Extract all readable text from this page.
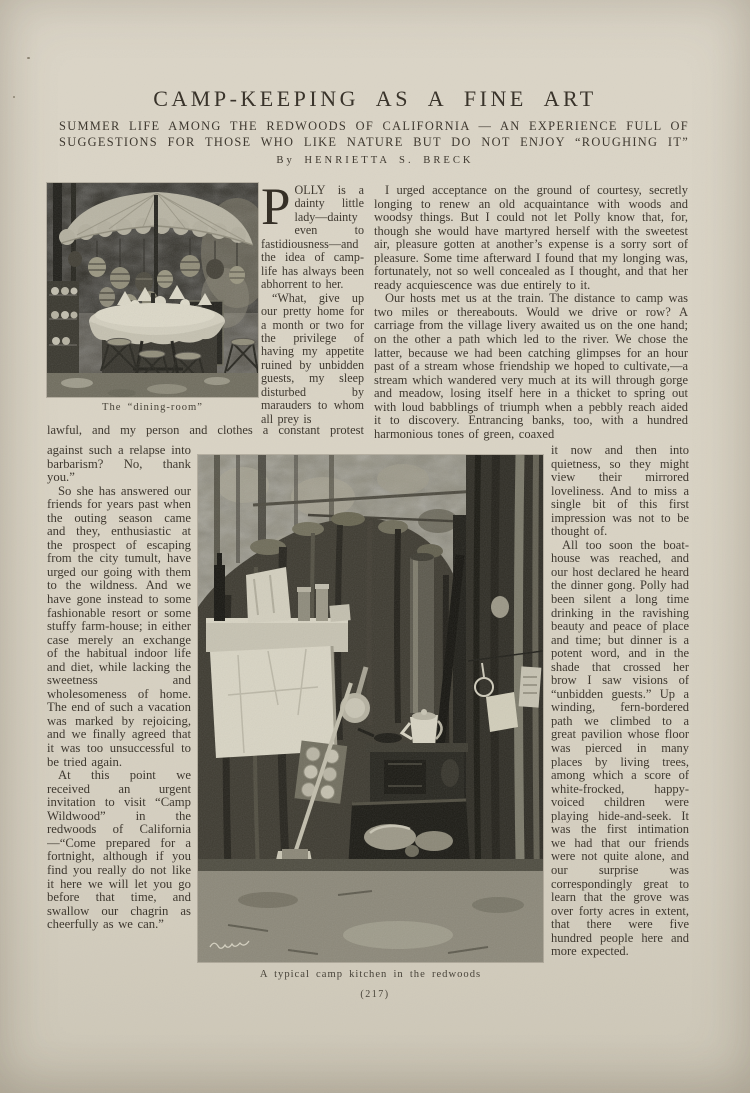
CAMP-KEEPING AS A FINE ART
SUMMER LIFE AMONG THE REDWOODS OF CALIFORNIA — AN EXPERIENCE FULL OF
SUGGESTIONS FOR THOSE WHO LIKE NATURE BUT DO NOT ENJOY “ROUGHING IT”
By HENRIETTA S. BRECK
The “dining-room”

POLLY is a dainty little lady—dainty even to fastidiousness—and the idea of camp-life has always been abhorrent to her.

“What, give up our pretty home for a month or two for the privilege of having my appetite ruined by unbidden guests, my sleep disturbed by marauders to whom all prey is

I urged acceptance on the ground of courtesy, secretly longing to renew an old acquaintance with woods and woodsy things. But I could not let Polly know that, for, though she would have martyred herself with the sweetest air, pleasure gotten at another’s expense is a sorry sort of pleasure. Some time afterward I found that my longing was, fortunately, not so well concealed as I thought, and that her ready acquiescence was due entirely to it.

Our hosts met us at the train. The distance to camp was two miles or thereabouts. Would we drive or row? A carriage from the village livery awaited us on the one hand; on the other a path which led to the river. We chose the latter, because we had been catching glimpses for an hour past of a stream whose friendship we hoped to cultivate,—a stream which wandered very much at its will through gorge and meadow, losing itself here in a thicket to spring out with loud babblings of triumph when a pebbly reach aided it to discovery. Entrancing banks, too, with a hundred harmonious tones of green, coaxed

lawful, and my person and clothes a constant protest

against such a relapse into barbarism? No, thank you.”

So she has answered our friends for years past when the outing season came and they, enthusiastic at the prospect of escaping from the city tumult, have urged our going with them to the wildness. And we have gone instead to some fashionable resort or some stuffy farm-house; in either case merely an exchange of the habitual indoor life and diet, while lacking the sweetness and wholesomeness of home. The end of such a vacation was marked by rejoicing, and we finally agreed that it was too unsuccessful to be tried again.

At this point we received an urgent invitation to visit “Camp Wildwood” in the redwoods of California—“Come prepared for a fortnight, although if you find you really do not like it here we will let you go before that time, and swallow our chagrin as cheerfully as we can.”

it now and then into quietness, so they might view their mirrored loveliness. And to miss a single bit of this first impression was not to be thought of.

All too soon the boat-house was reached, and our host declared he heard the dinner gong. Polly had been silent a long time drinking in the ravishing beauty and peace of place and time; but dinner is a potent word, and in the shade that crossed her brow I saw visions of “unbidden guests.” Up a winding, fern-bordered path we climbed to a great pavilion whose floor was pierced in many places by living trees, among which a score of white-frocked, happy-voiced children were playing hide-and-seek. It was the first intimation we had that our friends were not quite alone, and our surprise was correspondingly great to learn that the grove was over forty acres in extent, that there were five hundred people here and more expected.

A typical camp kitchen in the redwoods
(217)
